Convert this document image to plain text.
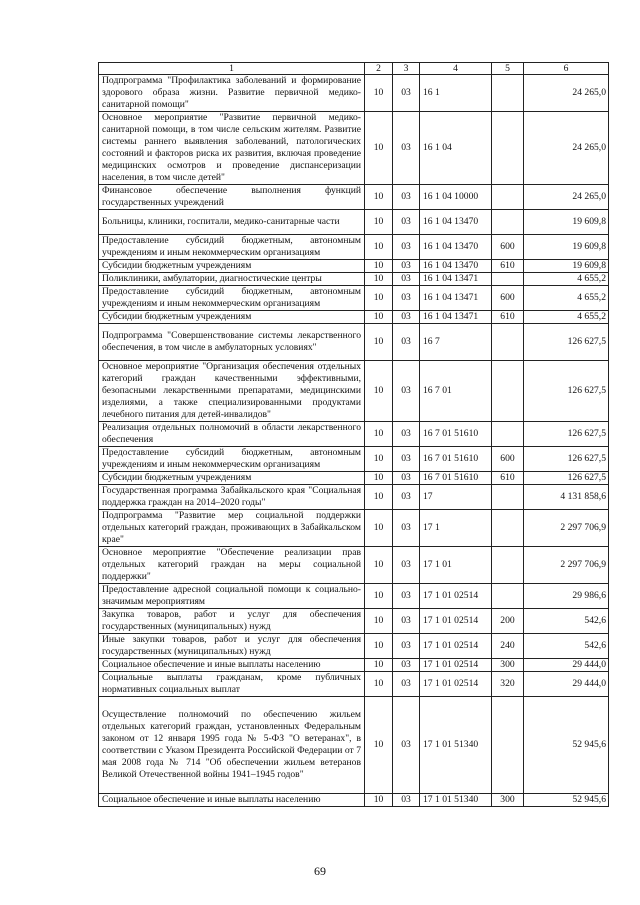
1	2	3	4	5	6
Подпрограмма "Профилактика заболеваний и формирование здорового образа жизни. Развитие первичной медико-санитарной помощи"	10	03	16 1		24 265,0
Основное мероприятие "Развитие первичной медико-санитарной помощи, в том числе сельским жителям. Развитие системы раннего выявления заболеваний, патологических состояний и факторов риска их развития, включая проведение медицинских осмотров и проведение диспансеризации населения, в том числе детей"	10	03	16 1 04		24 265,0
Финансовое обеспечение выполнения функций государственных учреждений	10	03	16 1 04 10000		24 265,0
Больницы, клиники, госпитали, медико-санитарные части	10	03	16 1 04 13470		19 609,8
Предоставление субсидий бюджетным, автономным учреждениям и иным некоммерческим организациям	10	03	16 1 04 13470	600	19 609,8
Субсидии бюджетным учреждениям	10	03	16 1 04 13470	610	19 609,8
Поликлиники, амбулатории, диагностические центры	10	03	16 1 04 13471		4 655,2
Предоставление субсидий бюджетным, автономным учреждениям и иным некоммерческим организациям	10	03	16 1 04 13471	600	4 655,2
Субсидии бюджетным учреждениям	10	03	16 1 04 13471	610	4 655,2
Подпрограмма "Совершенствование системы лекарственного обеспечения, в том числе в амбулаторных условиях"	10	03	16 7		126 627,5
Основное мероприятие "Организация обеспечения отдельных категорий граждан качественными эффективными, безопасными лекарственными препаратами, медицинскими изделиями, а также специализированными продуктами лечебного питания для детей-инвалидов"	10	03	16 7 01		126 627,5
Реализация отдельных полномочий в области лекарственного обеспечения	10	03	16 7 01 51610		126 627,5
Предоставление субсидий бюджетным, автономным учреждениям и иным некоммерческим организациям	10	03	16 7 01 51610	600	126 627,5
Субсидии бюджетным учреждениям	10	03	16 7 01 51610	610	126 627,5
Государственная программа Забайкальского края "Социальная поддержка граждан на 2014–2020 годы"	10	03	17		4 131 858,6
Подпрограмма "Развитие мер социальной поддержки отдельных категорий граждан, проживающих в Забайкальском крае"	10	03	17 1		2 297 706,9
Основное мероприятие "Обеспечение реализации прав отдельных категорий граждан на меры социальной поддержки"	10	03	17 1 01		2 297 706,9
Предоставление адресной социальной помощи к социально-значимым мероприятиям	10	03	17 1 01 02514		29 986,6
Закупка товаров, работ и услуг для обеспечения государственных (муниципальных) нужд	10	03	17 1 01 02514	200	542,6
Иные закупки товаров, работ и услуг для обеспечения государственных (муниципальных) нужд	10	03	17 1 01 02514	240	542,6
Социальное обеспечение и иные выплаты населению	10	03	17 1 01 02514	300	29 444,0
Социальные выплаты гражданам, кроме публичных нормативных социальных выплат	10	03	17 1 01 02514	320	29 444,0
Осуществление полномочий по обеспечению жильем отдельных категорий граждан, установленных Федеральным законом от 12 января 1995 года № 5-ФЗ "О ветеранах", в соответствии с Указом Президента Российской Федерации от 7 мая 2008 года № 714 "Об обеспечении жильем ветеранов Великой Отечественной войны 1941–1945 годов"	10	03	17 1 01 51340		52 945,6
Социальное обеспечение и иные выплаты населению	10	03	17 1 01 51340	300	52 945,6
69
